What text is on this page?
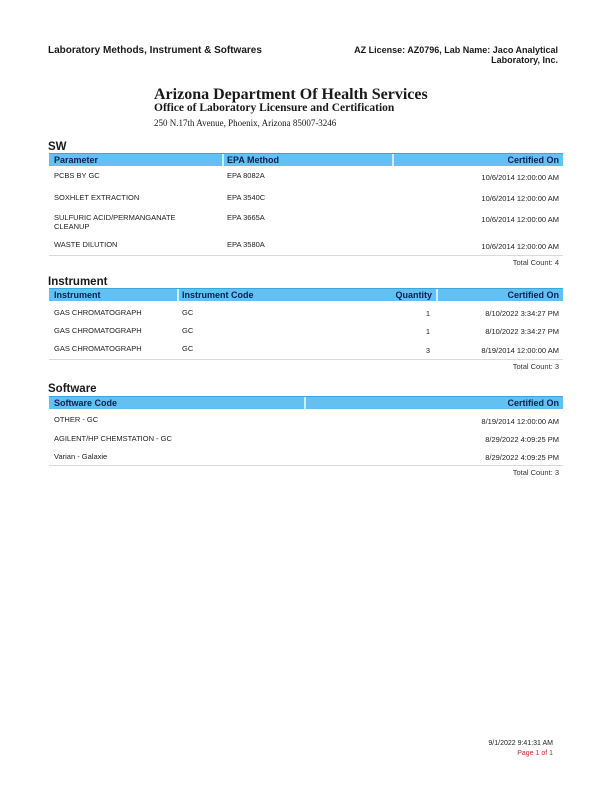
Laboratory Methods, Instrument & Softwares	AZ License: AZ0796, Lab Name: Jaco Analytical
Laboratory, Inc.
Arizona Department Of Health Services
Office of Laboratory Licensure and Certification
250 N.17th Avenue, Phoenix, Arizona 85007-3246
SW
Parameter	EPA Method	Certified On
PCBS BY GC	EPA 8082A	10/6/2014 12:00:00 AM
SOXHLET EXTRACTION	EPA 3540C	10/6/2014 12:00:00 AM
SULFURIC ACID/PERMANGANATE
CLEANUP
EPA 3665A	10/6/2014 12:00:00 AM
WASTE DILUTION	EPA 3580A	10/6/2014 12:00:00 AM
Total Count: 4
Instrument
Instrument	Instrument Code	Quantity	Certified On
GAS CHROMATOGRAPH	GC	1	8/10/2022 3:34:27 PM
GAS CHROMATOGRAPH	GC	1	8/10/2022 3:34:27 PM
GAS CHROMATOGRAPH	GC	3	8/19/2014 12:00:00 AM
Total Count: 3
Software
Software Code	Certified On
OTHER - GC	8/19/2014 12:00:00 AM
AGILENT/HP CHEMSTATION - GC	8/29/2022 4:09:25 PM
Varian - Galaxie	8/29/2022 4:09:25 PM
Total Count: 3
9/1/2022 9:41:31 AM
Page 1 of 1
